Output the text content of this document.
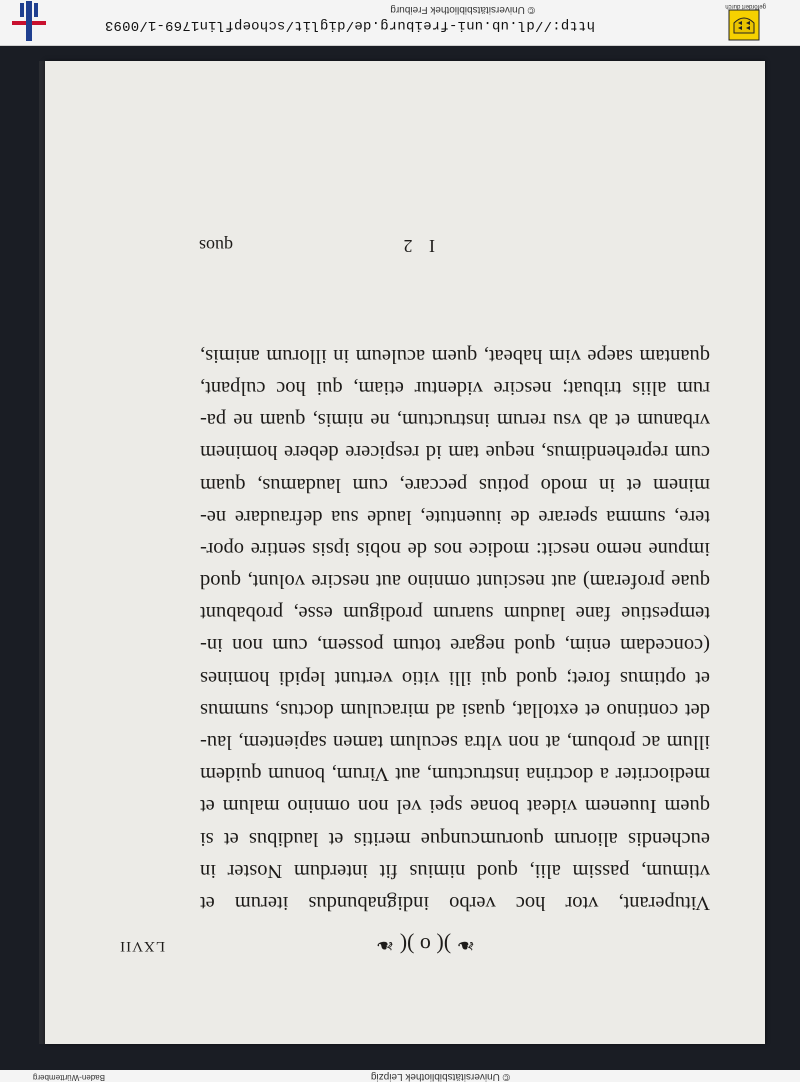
© Universitätsbibliothek Leipzig
Baden-Württemberg
❧ )( o )( ❧
LXVII
Vituperant, vtor hoc verbo indignabundus iterum et
vtimum, passim alii, quod nimius fit interdum Noster in
euchendis aliorum quorumcunque meritis et laudibus et si
quem Iuuenem videat bonae spei vel non omnino malum et
mediocriter a doctrina instructum, aut Virum, bonum quidem
illum ac probum, at non vltra seculum tamen sapientem, lau-
det continuo et extollat, quasi ad miraculum doctus, summus
et optimus foret; quod qui illi vitio vertunt lepidi homines
(concedam enim, quod negare totum possem, cum non in-
tempestiue fane laudum suarum prodigum esse, probabunt
quae proferam) aut nesciunt omnino aut nescire volunt, quod
impune nemo nescit: modice nos de nobis ipsis sentire opor-
tere, summa sperare de iuuentute, laude sua defraudare ne-
minem et in modo potius peccare, cum laudamus, quam
cum reprehendimus, neque tam id respicere debere hominem
vrbanum et ab vsu rerum instructum, ne nimis, quam ne pa-
rum aliis tribuat; nescire videntur etiam, qui hoc culpant,
quantam saepe vim habeat, quem aculeum in illorum animis,
I 2
quos
gefördert durch
http://dl.ub.uni-freiburg.de/diglit/schoepflin1769-1/0093
© Universitätsbibliothek Freiburg
